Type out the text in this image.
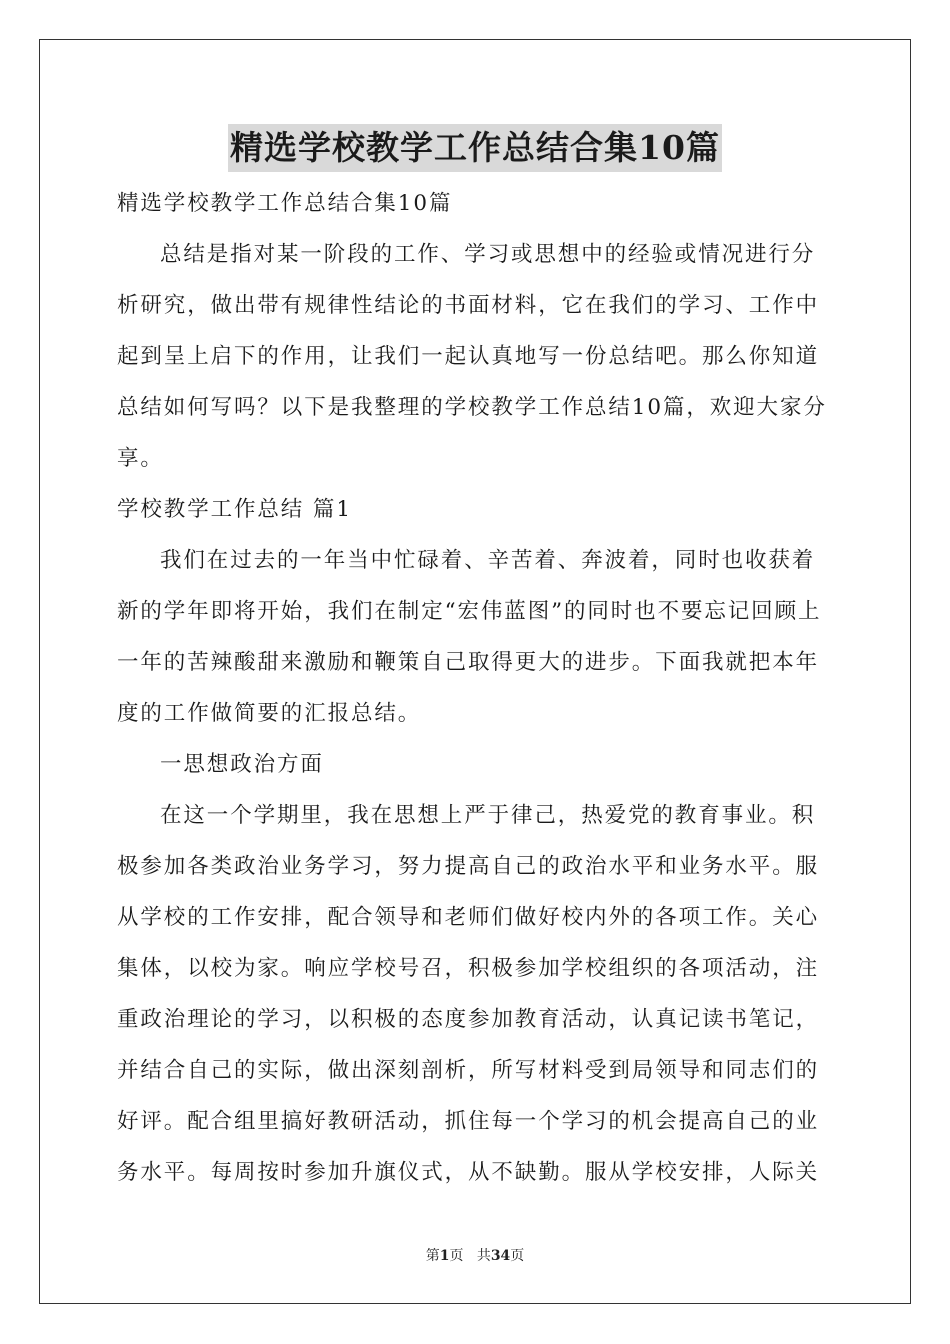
精选学校教学工作总结合集10篇

精选学校教学工作总结合集10篇

总结是指对某一阶段的工作、学习或思想中的经验或情况进行分析研究，做出带有规律性结论的书面材料，它在我们的学习、工作中起到呈上启下的作用，让我们一起认真地写一份总结吧。那么你知道总结如何写吗？以下是我整理的学校教学工作总结10篇，欢迎大家分享。

学校教学工作总结 篇1

我们在过去的一年当中忙碌着、辛苦着、奔波着，同时也收获着新的学年即将开始，我们在制定“宏伟蓝图”的同时也不要忘记回顾上一年的苦辣酸甜来激励和鞭策自己取得更大的进步。下面我就把本年度的工作做简要的汇报总结。

一思想政治方面

在这一个学期里，我在思想上严于律己，热爱党的教育事业。积极参加各类政治业务学习，努力提高自己的政治水平和业务水平。服从学校的工作安排，配合领导和老师们做好校内外的各项工作。关心集体，以校为家。响应学校号召，积极参加学校组织的各项活动，注重政治理论的学习，以积极的态度参加教育活动，认真记读书笔记，并结合自己的实际，做出深刻剖析，所写材料受到局领导和同志们的好评。配合组里搞好教研活动，抓住每一个学习的机会提高自己的业务水平。每周按时参加升旗仪式，从不缺勤。服从学校安排，人际关

第1页 共34页
